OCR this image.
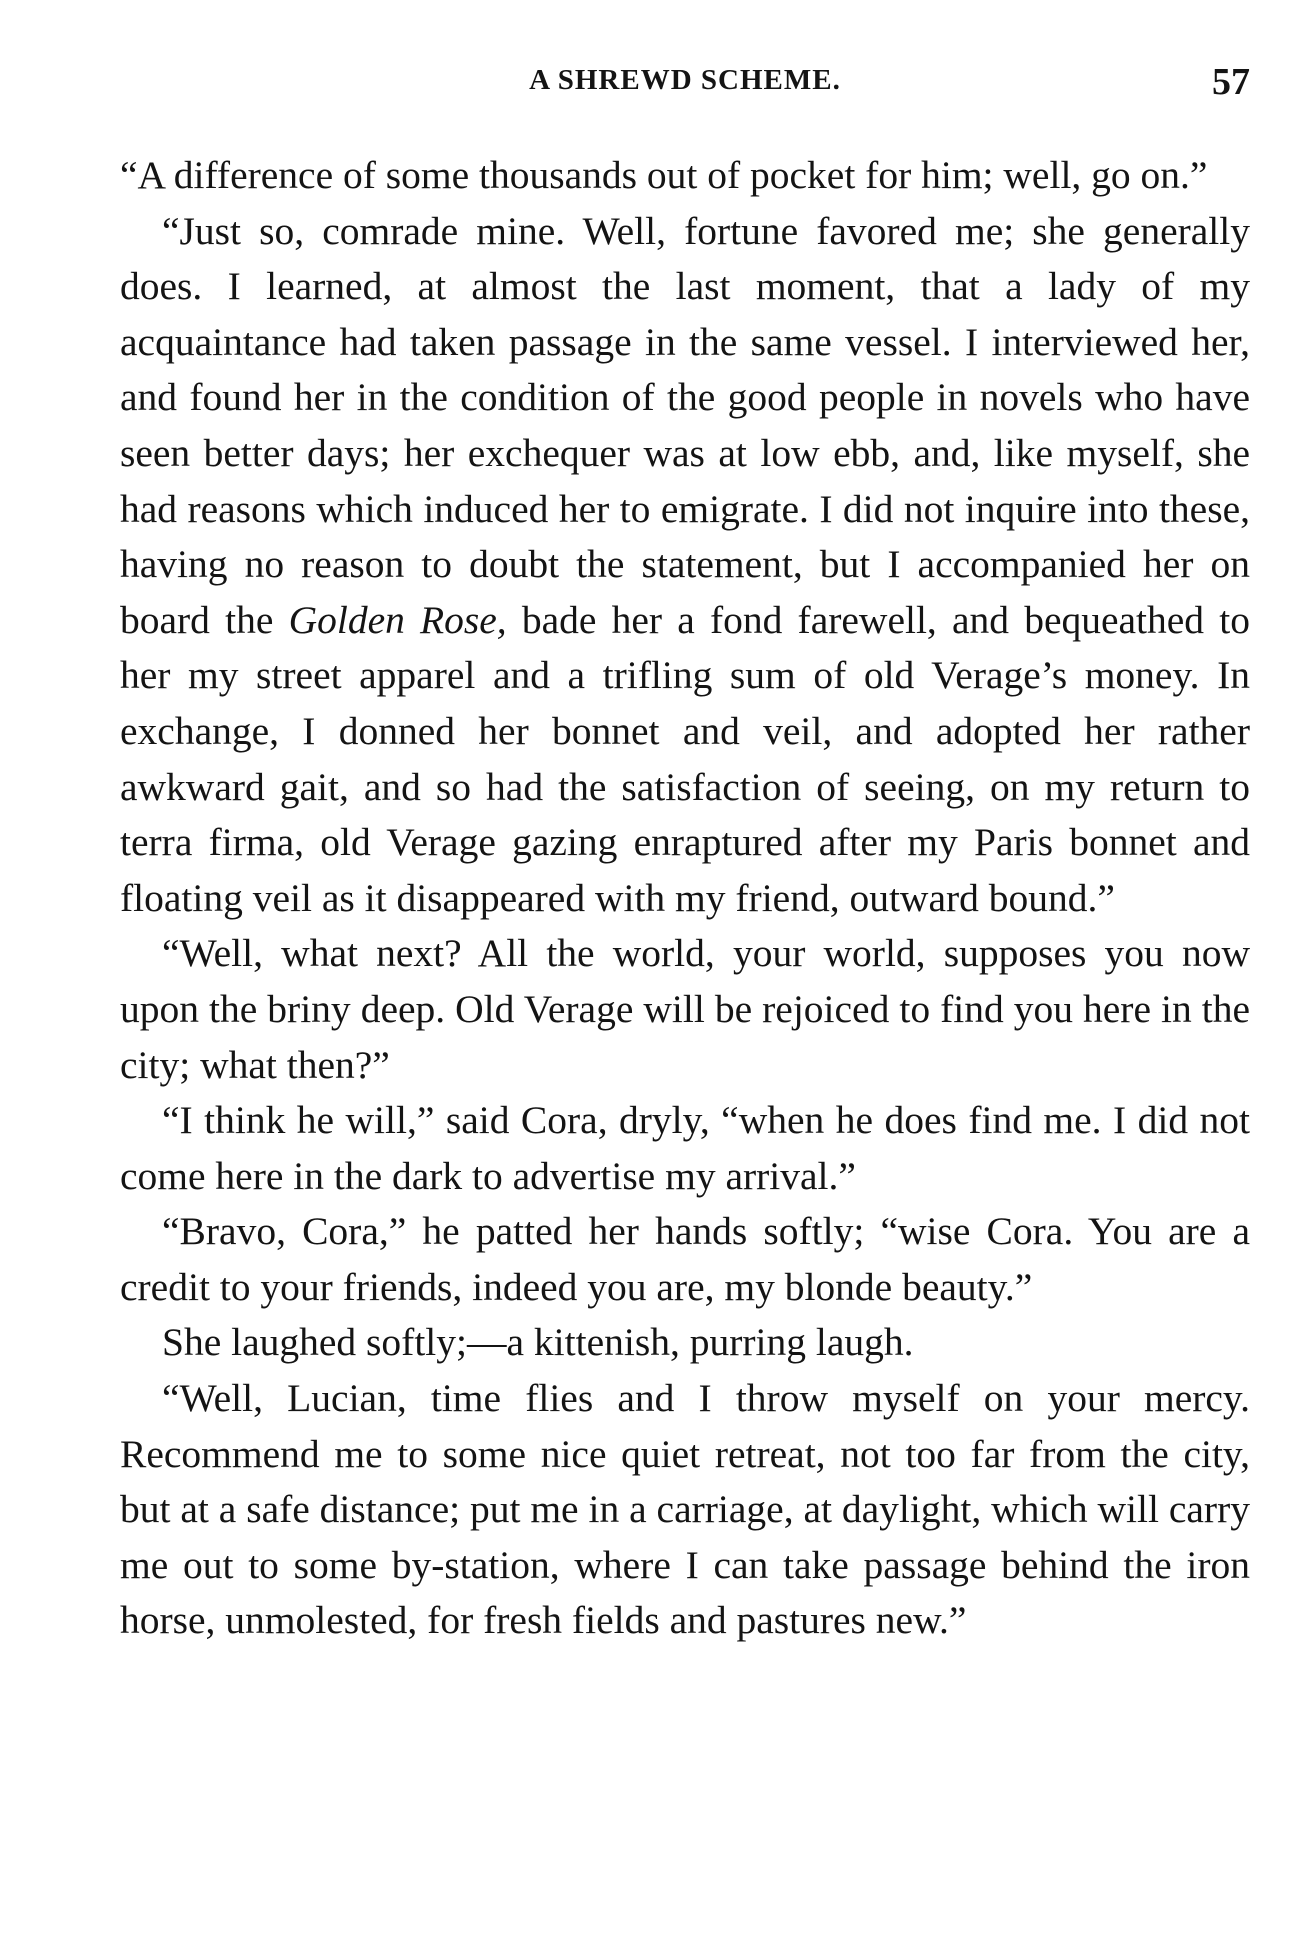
A SHREWD SCHEME.	57

“A difference of some thousands out of pocket for him; well, go on.”

“Just so, comrade mine. Well, fortune favored me; she generally does. I learned, at almost the last moment, that a lady of my acquaintance had taken passage in the same vessel. I interviewed her, and found her in the condition of the good people in novels who have seen better days; her exchequer was at low ebb, and, like myself, she had reasons which induced her to emigrate. I did not inquire into these, having no reason to doubt the statement, but I accompanied her on board the Golden Rose, bade her a fond farewell, and bequeathed to her my street apparel and a trifling sum of old Verage’s money. In exchange, I donned her bonnet and veil, and adopted her rather awkward gait, and so had the satisfaction of seeing, on my return to terra firma, old Verage gazing enraptured after my Paris bonnet and floating veil as it disappeared with my friend, outward bound.”

“Well, what next? All the world, your world, supposes you now upon the briny deep. Old Verage will be rejoiced to find you here in the city; what then?”

“I think he will,” said Cora, dryly, “when he does find me. I did not come here in the dark to advertise my arrival.”

“Bravo, Cora,” he patted her hands softly; “wise Cora. You are a credit to your friends, indeed you are, my blonde beauty.”

She laughed softly;—a kittenish, purring laugh.

“Well, Lucian, time flies and I throw myself on your mercy. Recommend me to some nice quiet retreat, not too far from the city, but at a safe distance; put me in a carriage, at daylight, which will carry me out to some by-station, where I can take passage behind the iron horse, unmolested, for fresh fields and pastures new.”
